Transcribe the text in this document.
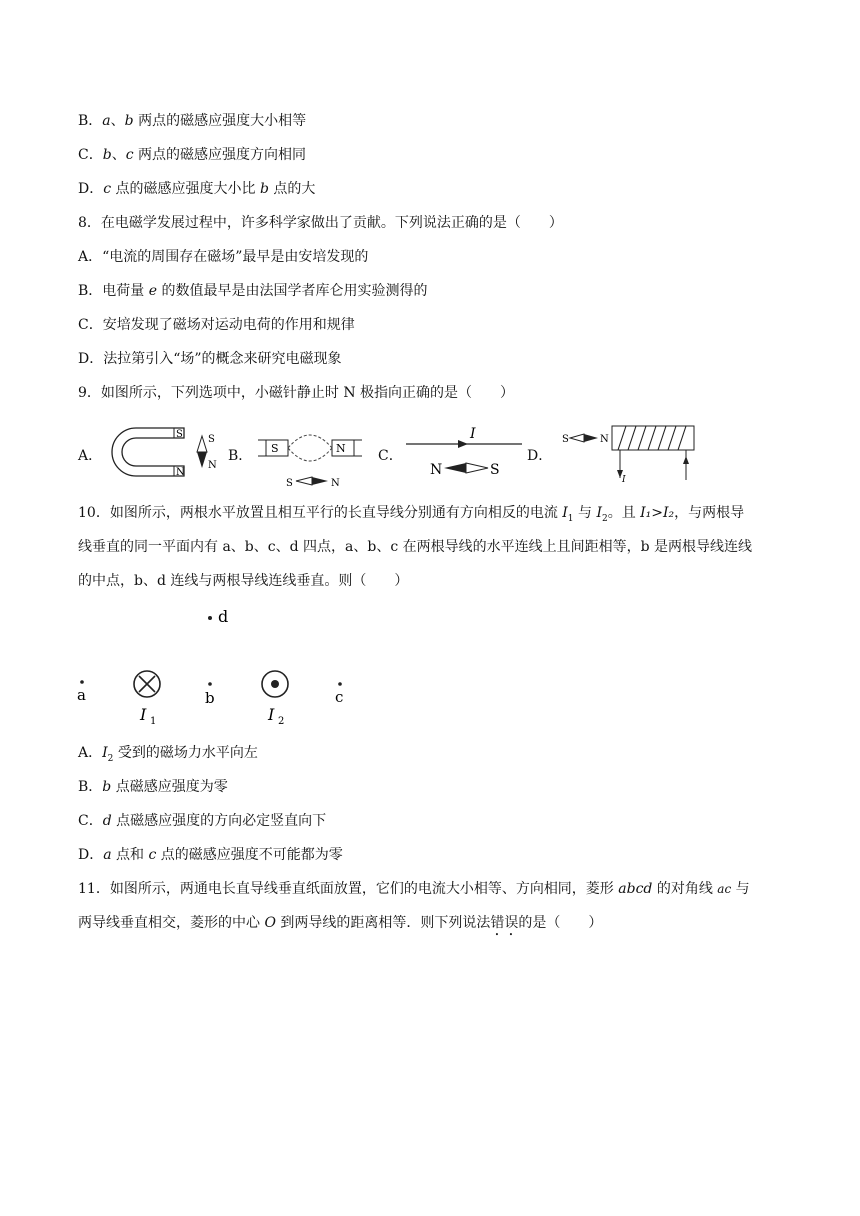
B．a、b 两点的磁感应强度大小相等
C．b、c 两点的磁感应强度方向相同
D．c 点的磁感应强度大小比 b 点的大
8．在电磁学发展过程中，许多科学家做出了贡献。下列说法正确的是（　　）
A．“电流的周围存在磁场”最早是由安培发现的
B．电荷量 e 的数值最早是由法国学者库仑用实验测得的
C．安培发现了磁场对运动电荷的作用和规律
D．法拉第引入“场”的概念来研究电磁现象
9．如图所示，下列选项中，小磁针静止时 N 极指向正确的是（　　）
A．
S
N
S
N
B． S	N
S	N
C．
I
N	S
D．
S	N
I
10．如图所示，两根水平放置且相互平行的长直导线分别通有方向相反的电流 $I_1$ 与 $I_2$。且 I₁>I₂，与两根导
线垂直的同一平面内有 a、b、c、d 四点，a、b、c 在两根导线的水平连线上且间距相等，b 是两根导线连线
的中点，b、d 连线与两根导线连线垂直。则（　　）
d
a
I 1
b
I 2
c
A．$I_2$ 受到的磁场力水平向左
B．b 点磁感应强度为零
C．d 点磁感应强度的方向必定竖直向下
D．a 点和 c 点的磁感应强度不可能都为零
11．如图所示，两通电长直导线垂直纸面放置，它们的电流大小相等、方向相同，菱形 abcd 的对角线 ac 与
两导线垂直相交，菱形的中心 O 到两导线的距离相等．则下列说法错误的是（　　）
